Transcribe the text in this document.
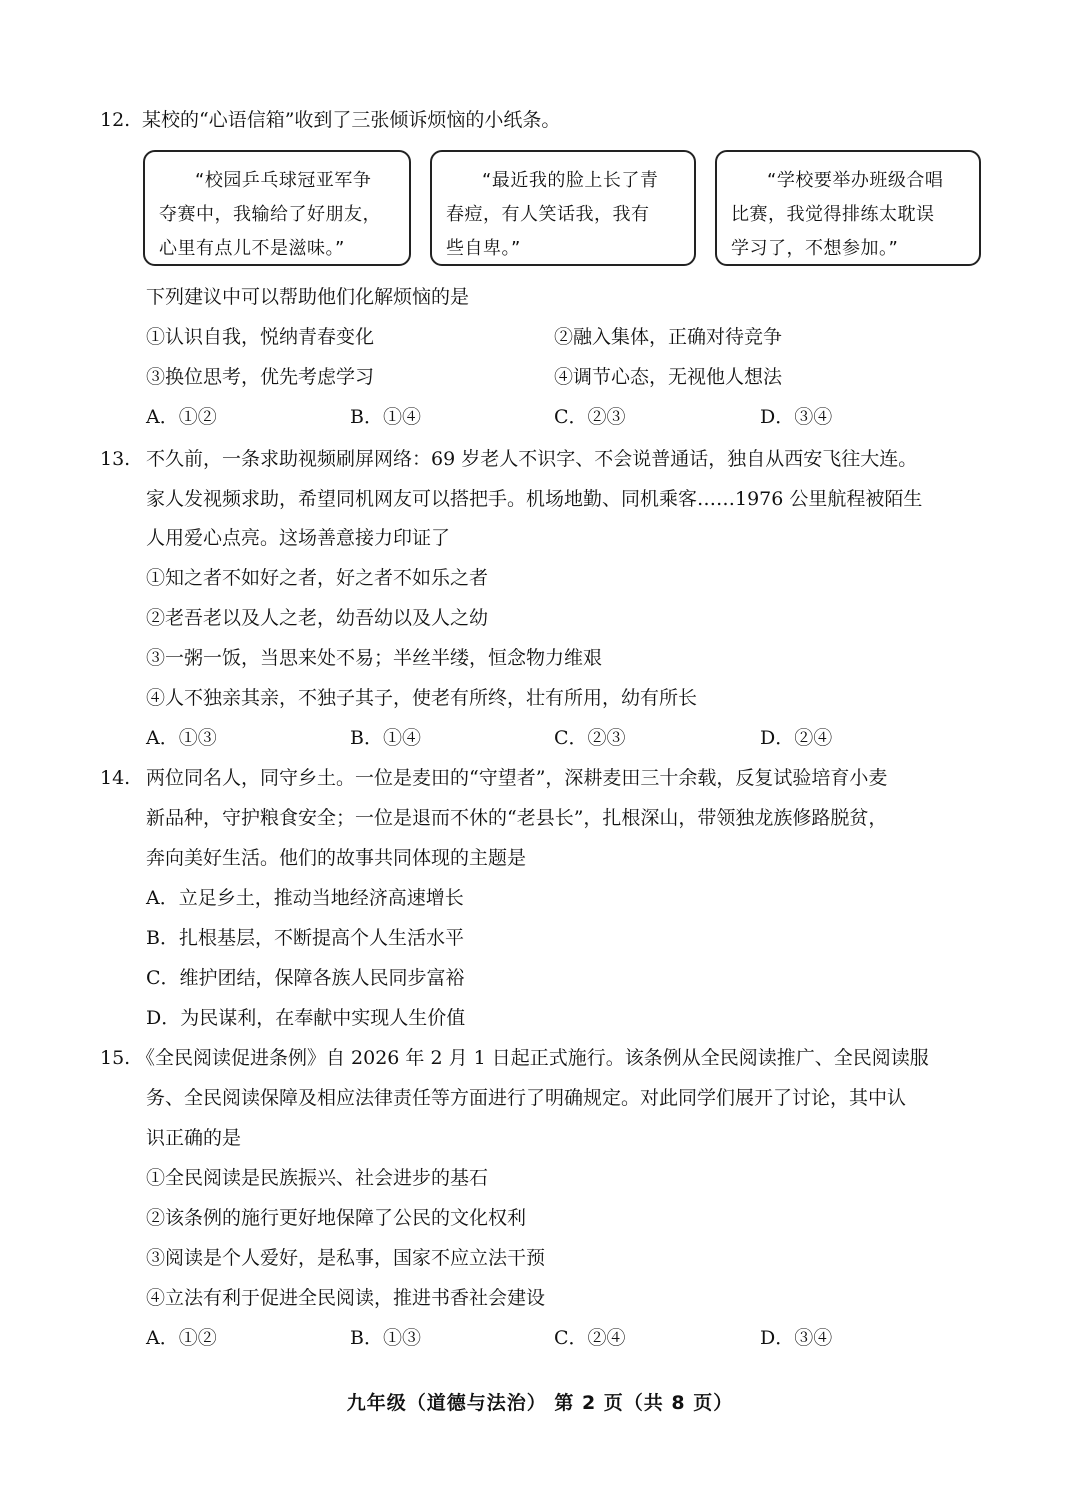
12. 某校的“心语信箱”收到了三张倾诉烦恼的小纸条。
“校园乒乓球冠亚军争
夺赛中，我输给了好朋友，
心里有点儿不是滋味。”
“最近我的脸上长了青
春痘，有人笑话我，我有
些自卑。”
“学校要举办班级合唱
比赛，我觉得排练太耽误
学习了，不想参加。”
下列建议中可以帮助他们化解烦恼的是
①认识自我，悦纳青春变化	②融入集体，正确对待竞争
③换位思考，优先考虑学习	④调节心态，无视他人想法
A．①②	B．①④	C．②③	D．③④
13. 不久前，一条求助视频刷屏网络：69 岁老人不识字、不会说普通话，独自从西安飞往大连。
家人发视频求助，希望同机网友可以搭把手。机场地勤、同机乘客……1976 公里航程被陌生
人用爱心点亮。这场善意接力印证了
①知之者不如好之者，好之者不如乐之者
②老吾老以及人之老，幼吾幼以及人之幼
③一粥一饭，当思来处不易；半丝半缕，恒念物力维艰
④人不独亲其亲，不独子其子，使老有所终，壮有所用，幼有所长
A．①③	B．①④	C．②③	D．②④
14. 两位同名人，同守乡土。一位是麦田的“守望者”，深耕麦田三十余载，反复试验培育小麦
新品种，守护粮食安全；一位是退而不休的“老县长”，扎根深山，带领独龙族修路脱贫，
奔向美好生活。他们的故事共同体现的主题是
A．立足乡土，推动当地经济高速增长
B．扎根基层，不断提高个人生活水平
C．维护团结，保障各族人民同步富裕
D．为民谋利，在奉献中实现人生价值
15. 《全民阅读促进条例》自 2026 年 2 月 1 日起正式施行。该条例从全民阅读推广、全民阅读服
务、全民阅读保障及相应法律责任等方面进行了明确规定。对此同学们展开了讨论，其中认
识正确的是
①全民阅读是民族振兴、社会进步的基石
②该条例的施行更好地保障了公民的文化权利
③阅读是个人爱好，是私事，国家不应立法干预
④立法有利于促进全民阅读，推进书香社会建设
A．①②	B．①③	C．②④	D．③④
九年级（道德与法治） 第 2 页（共 8 页）
